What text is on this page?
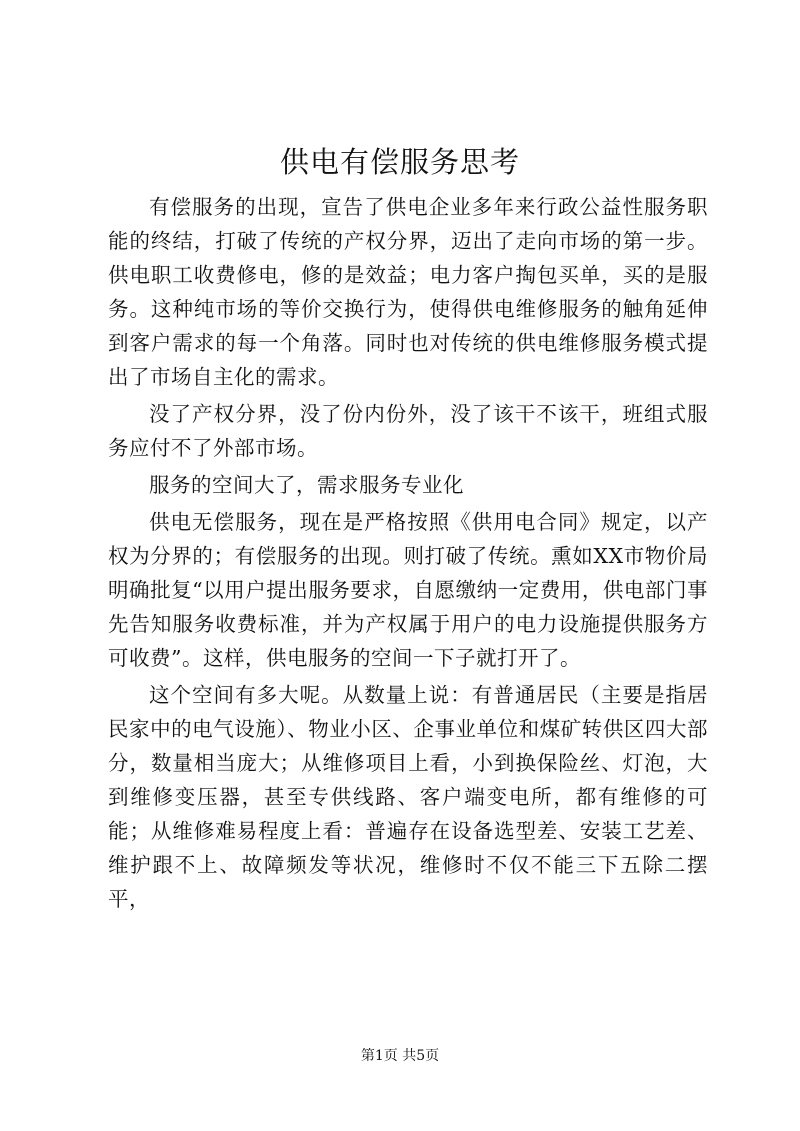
供电有偿服务思考

有偿服务的出现，宣告了供电企业多年来行政公益性服务职能的终结，打破了传统的产权分界，迈出了走向市场的第一步。供电职工收费修电，修的是效益；电力客户掏包买单，买的是服务。这种纯市场的等价交换行为，使得供电维修服务的触角延伸到客户需求的每一个角落。同时也对传统的供电维修服务模式提出了市场自主化的需求。

没了产权分界，没了份内份外，没了该干不该干，班组式服务应付不了外部市场。

服务的空间大了，需求服务专业化

供电无偿服务，现在是严格按照《供用电合同》规定，以产权为分界的；有偿服务的出现。则打破了传统。熏如XX市物价局明确批复“以用户提出服务要求，自愿缴纳一定费用，供电部门事先告知服务收费标准，并为产权属于用户的电力设施提供服务方可收费”。这样，供电服务的空间一下子就打开了。

这个空间有多大呢。从数量上说：有普通居民（主要是指居民家中的电气设施）、物业小区、企事业单位和煤矿转供区四大部分，数量相当庞大；从维修项目上看，小到换保险丝、灯泡，大到维修变压器，甚至专供线路、客户端变电所，都有维修的可能；从维修难易程度上看：普遍存在设备选型差、安装工艺差、维护跟不上、故障频发等状况，维修时不仅不能三下五除二摆平，

第1页 共5页
